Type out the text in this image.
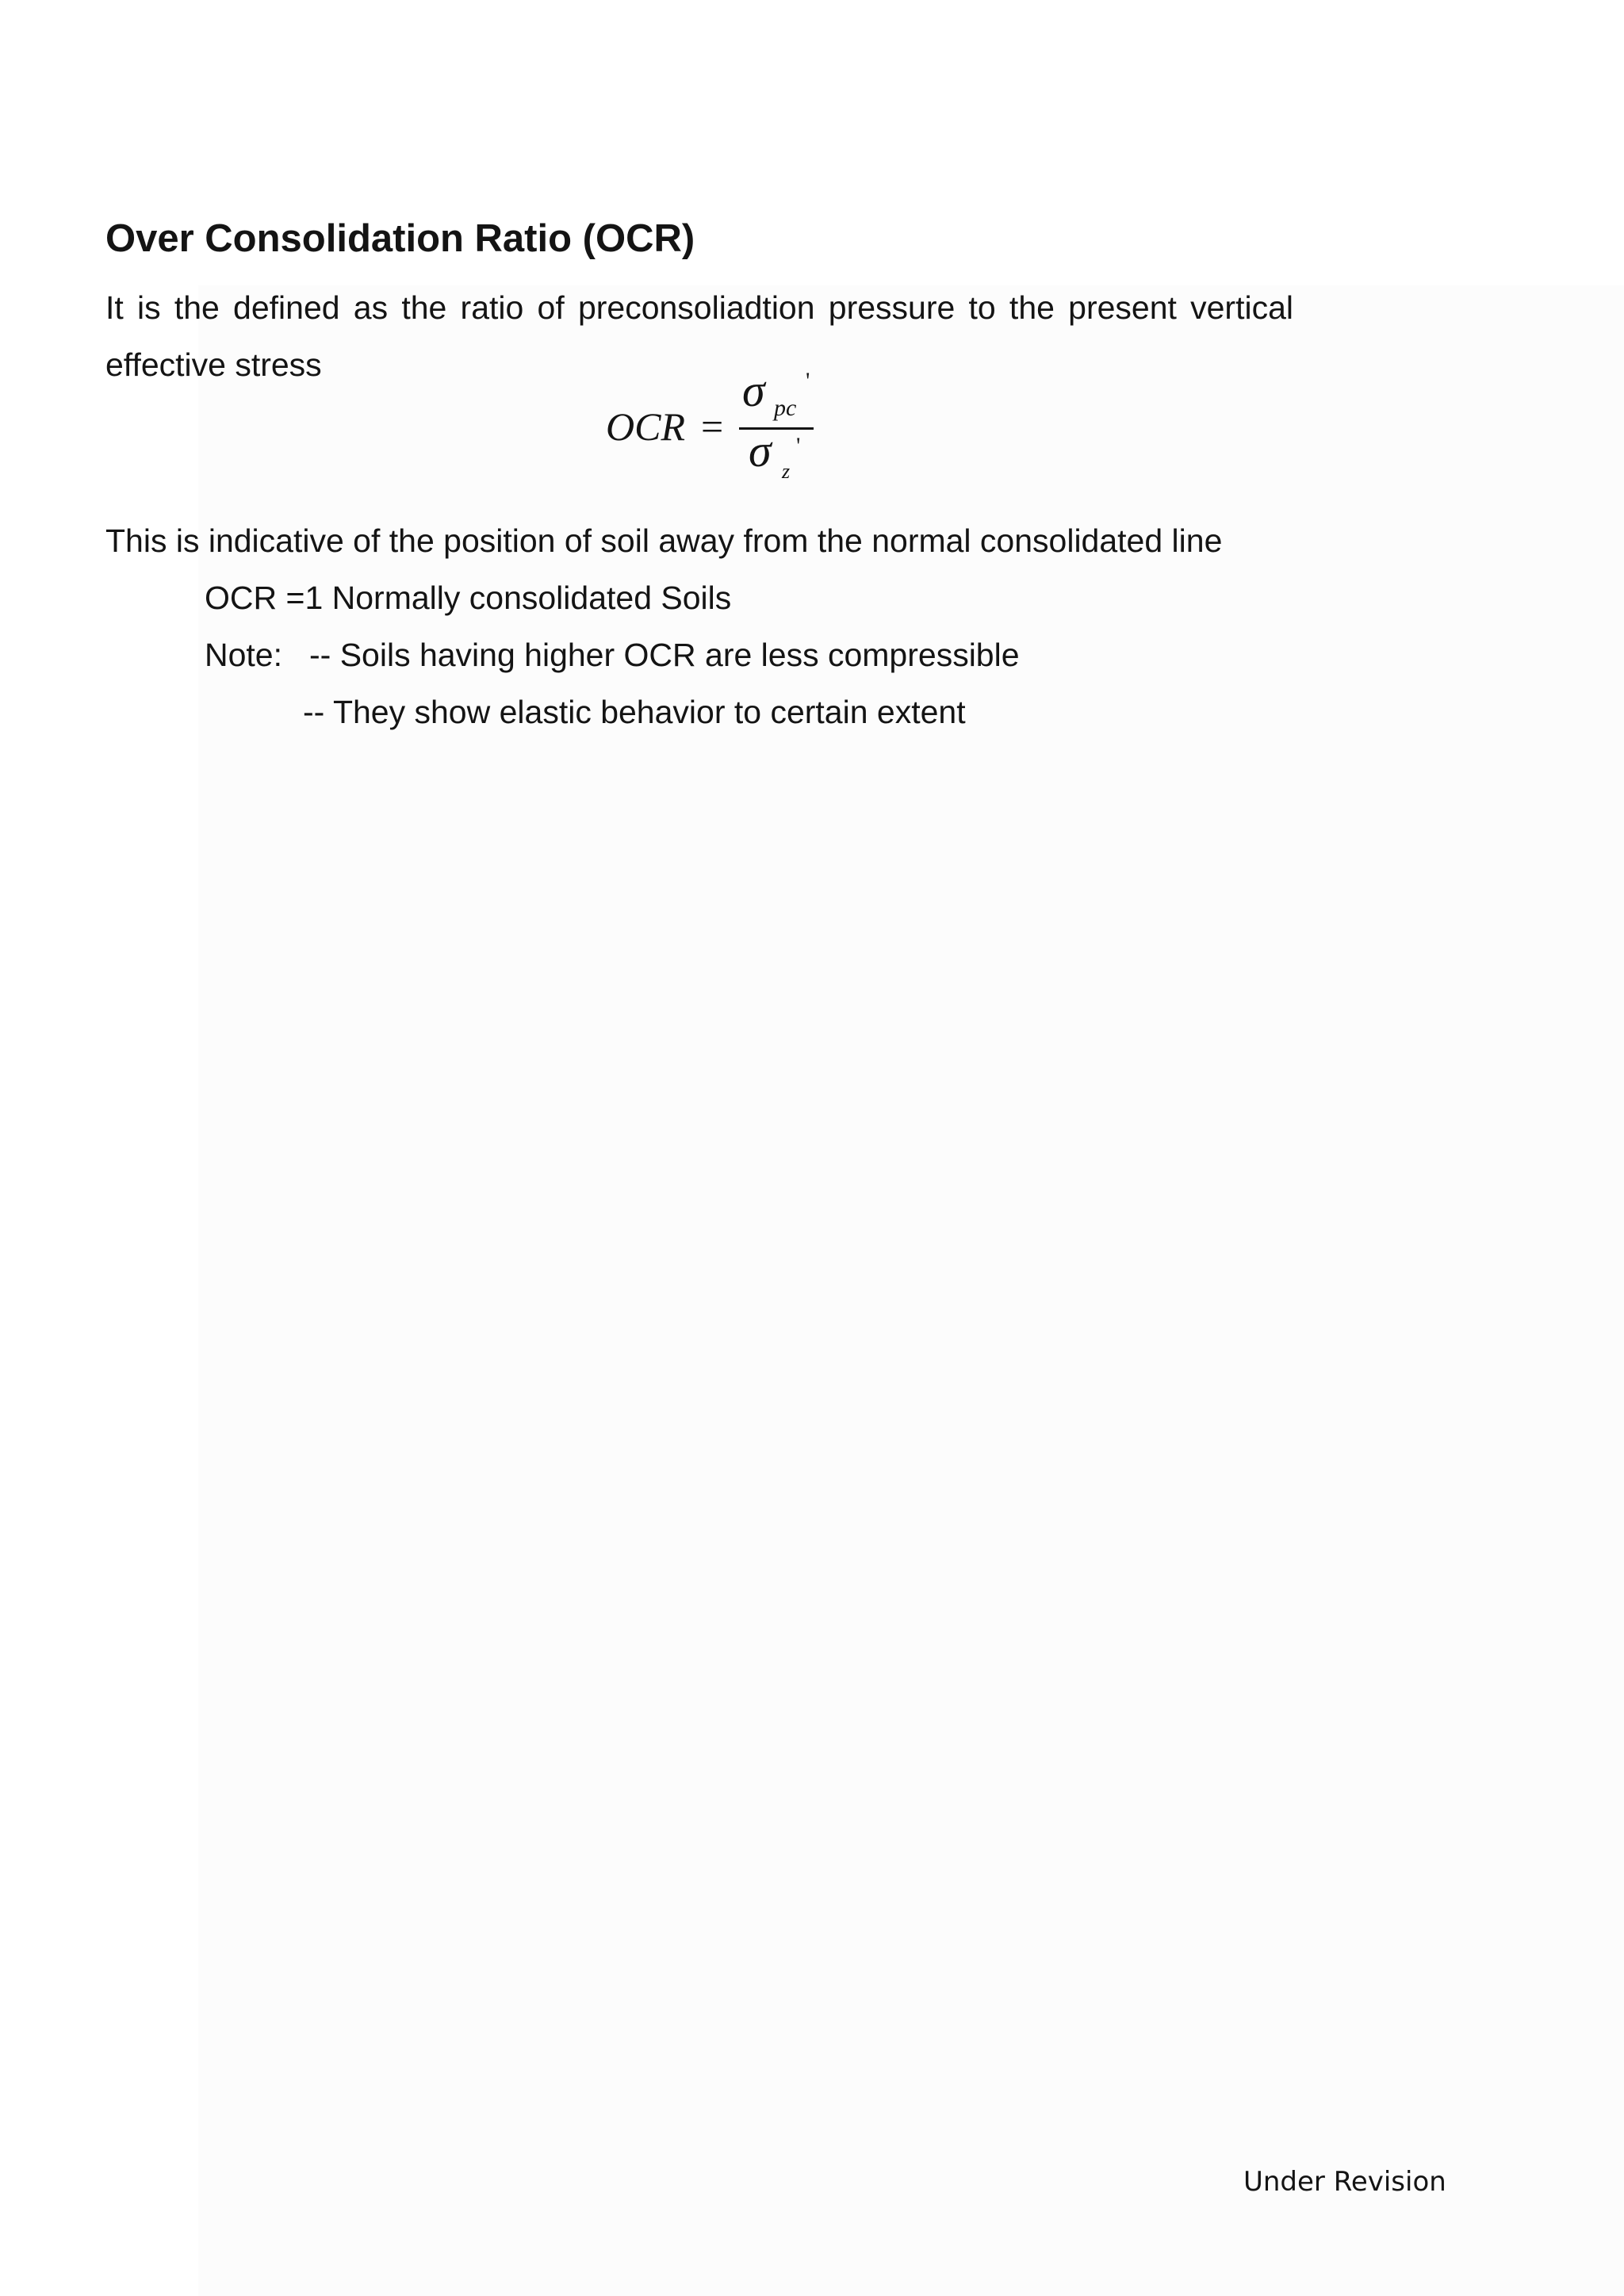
Over Consolidation Ratio (OCR)
It is the defined as the ratio of preconsoliadtion pressure to the present vertical
effective stress
OCR =
σ pc
'
σ z
'
This is indicative of the position of soil away from the normal consolidated line
OCR =1 Normally consolidated Soils
Note: -- Soils having higher OCR are less compressible
-- They show elastic behavior to certain extent
Under Revision
